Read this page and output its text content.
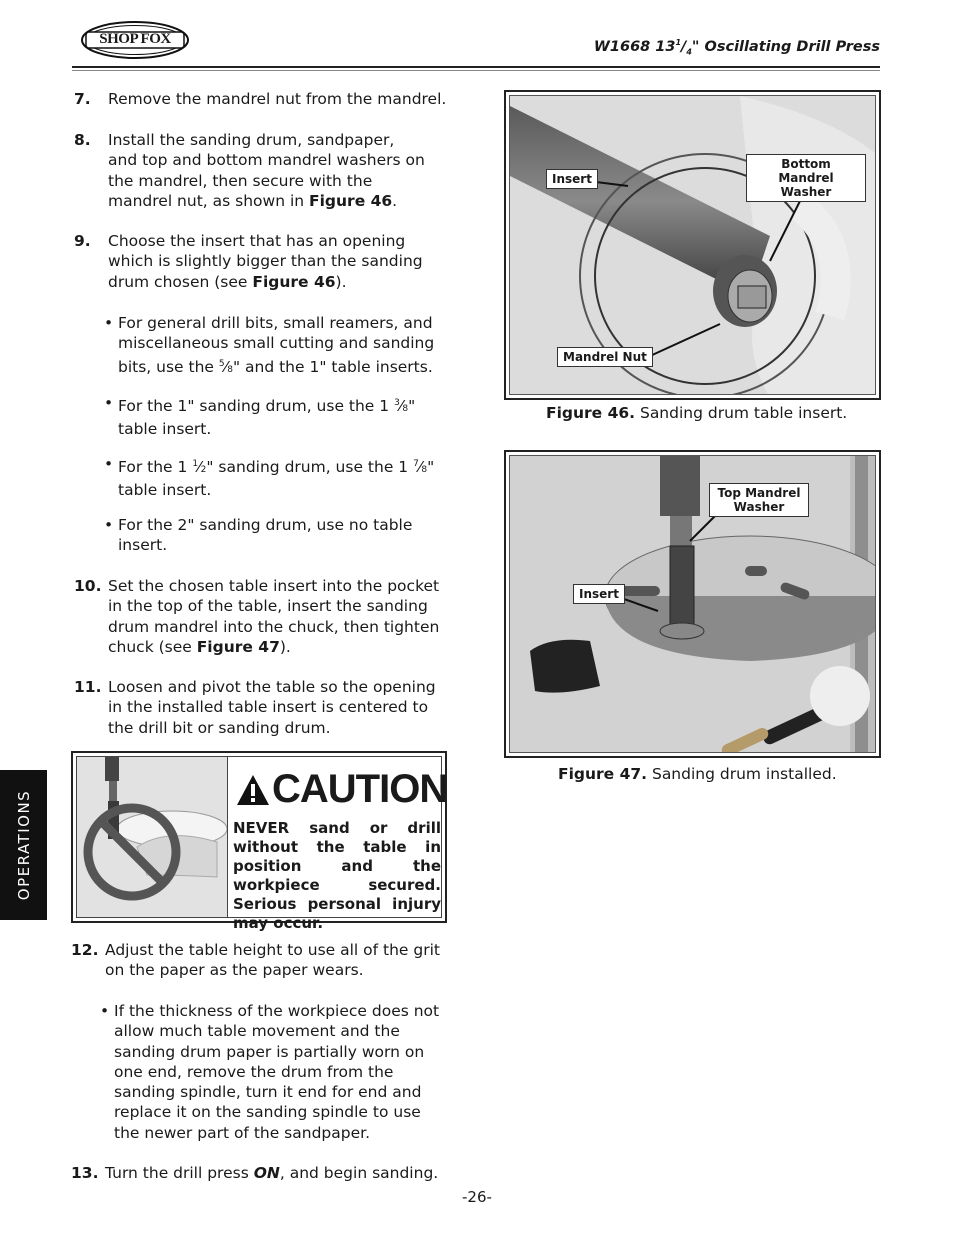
SHOP FOX	W1668 $13^1/_4$" Oscillating Drill Press
7. Remove the mandrel nut from the mandrel.
8. Install the sanding drum, sandpaper, and top and bottom mandrel washers on the mandrel, then secure with the mandrel nut, as shown in Figure 46.
9. Choose the insert that has an opening which is slightly bigger than the sanding drum chosen (see Figure 46).
• For general drill bits, small reamers, and miscellaneous small cutting and sanding bits, use the $^5$⁄8" and the 1" table inserts.
• For the 1" sanding drum, use the 1 $^3$⁄8" table insert.
• For the 1 $^1$⁄2" sanding drum, use the 1 $^7$⁄8" table insert.
• For the 2" sanding drum, use no table insert.
10. Set the chosen table insert into the pocket in the top of the table, insert the sanding drum mandrel into the chuck, then tighten chuck (see Figure 47).
11. Loosen and pivot the table so the opening in the installed table insert is centered to the drill bit or sanding drum.
CAUTION
NEVER sand or drill without the table in position and the workpiece secured. Serious personal injury may occur.
12. Adjust the table height to use all of the grit on the paper as the paper wears.
• If the thickness of the workpiece does not allow much table movement and the sanding drum paper is partially worn on one end, remove the drum from the sanding spindle, turn it end for end and replace it on the sanding spindle to use the newer part of the sandpaper.
13. Turn the drill press ON, and begin sanding.
Insert
Bottom Mandrel
Washer
Mandrel Nut
Figure 46. Sanding drum table insert.
Top Mandrel
Washer
Insert
Figure 47. Sanding drum installed.
OPERATIONS
-26-
